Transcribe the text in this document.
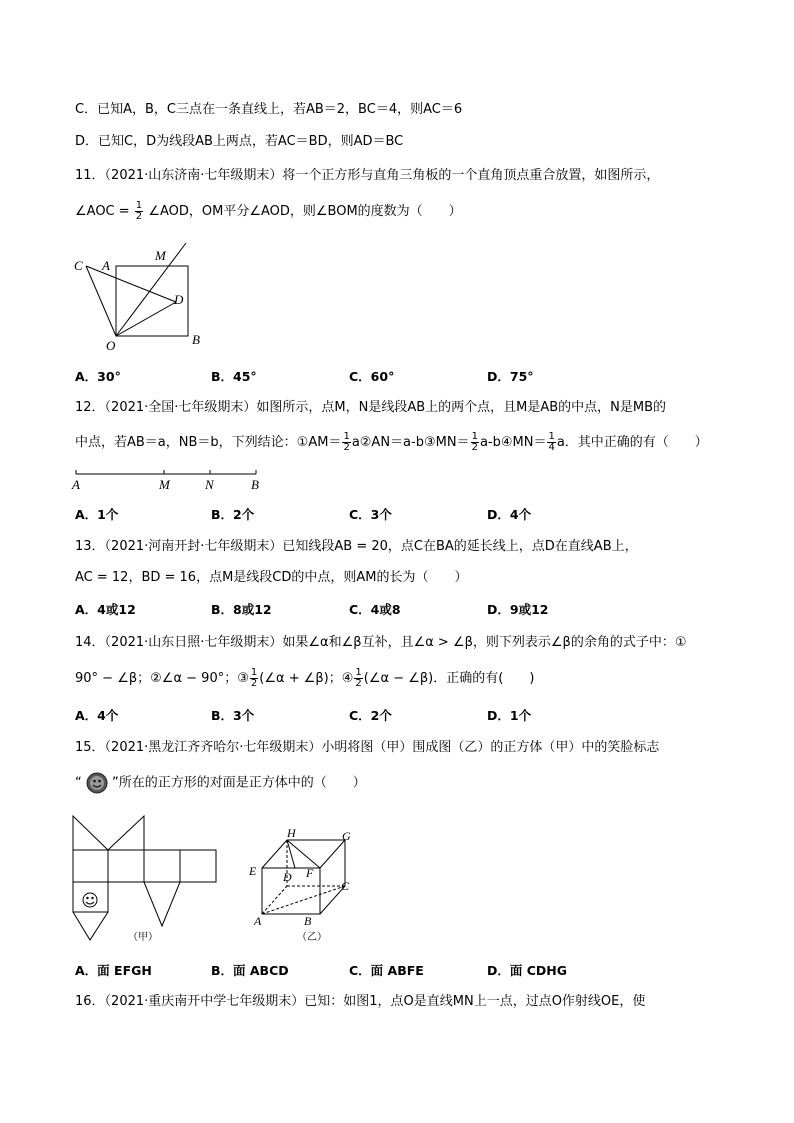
C．已知A，B，C三点在一条直线上，若AB＝2，BC＝4，则AC＝6
D．已知C，D为线段AB上两点，若AC＝BD，则AD＝BC
11．（2021·山东济南·七年级期末）将一个正方形与直角三角板的一个直角顶点重合放置，如图所示，
∠AOC = $\frac{1}{2}$ ∠AOD，OM平分∠AOD，则∠BOM的度数为（　　）
C A
M
D
O	B
A．30°	B．45°	C．60°	D．75°
12．（2021·全国·七年级期末）如图所示，点M，N是线段AB上的两个点，且M是AB的中点，N是MB的
中点，若AB＝a，NB＝b，下列结论：①AM＝ $\frac{1}{2}$ a②AN＝a-b③MN＝ $\frac{1}{2}$ a-b④MN＝ $\frac{1}{4}$ a．其中正确的有（　　）
A	M	N	B
A．1个	B．2个	C．3个	D．4个
13．（2021·河南开封·七年级期末）已知线段AB = 20，点C在BA的延长线上，点D在直线AB上，
AC = 12，BD = 16，点M是线段CD的中点，则AM的长为（　　）
A．4或12	B．8或12	C．4或8	D．9或12
14．（2021·山东日照·七年级期末）如果∠α和∠β互补，且∠α > ∠β，则下列表示∠β的余角的式子中：①
90° − ∠β；②∠α − 90°；③ $\frac{1}{2}$ (∠α + ∠β)；④ $\frac{1}{2}$ (∠α − ∠β)．正确的有(　　)
A．4个	B．3个	C．2个	D．1个
15．（2021·黑龙江齐齐哈尔·七年级期末）小明将图（甲）围成图（乙）的正方体（甲）中的笑脸标志
“ ”所在的正方形的对面是正方体中的（　　）
（甲）
H	G
E D F
C
A	B
（乙）
A．面 EFGH	B．面 ABCD	C．面 ABFE	D．面 CDHG
16．（2021·重庆南开中学七年级期末）已知：如图1，点O是直线MN上一点，过点O作射线OE，使
